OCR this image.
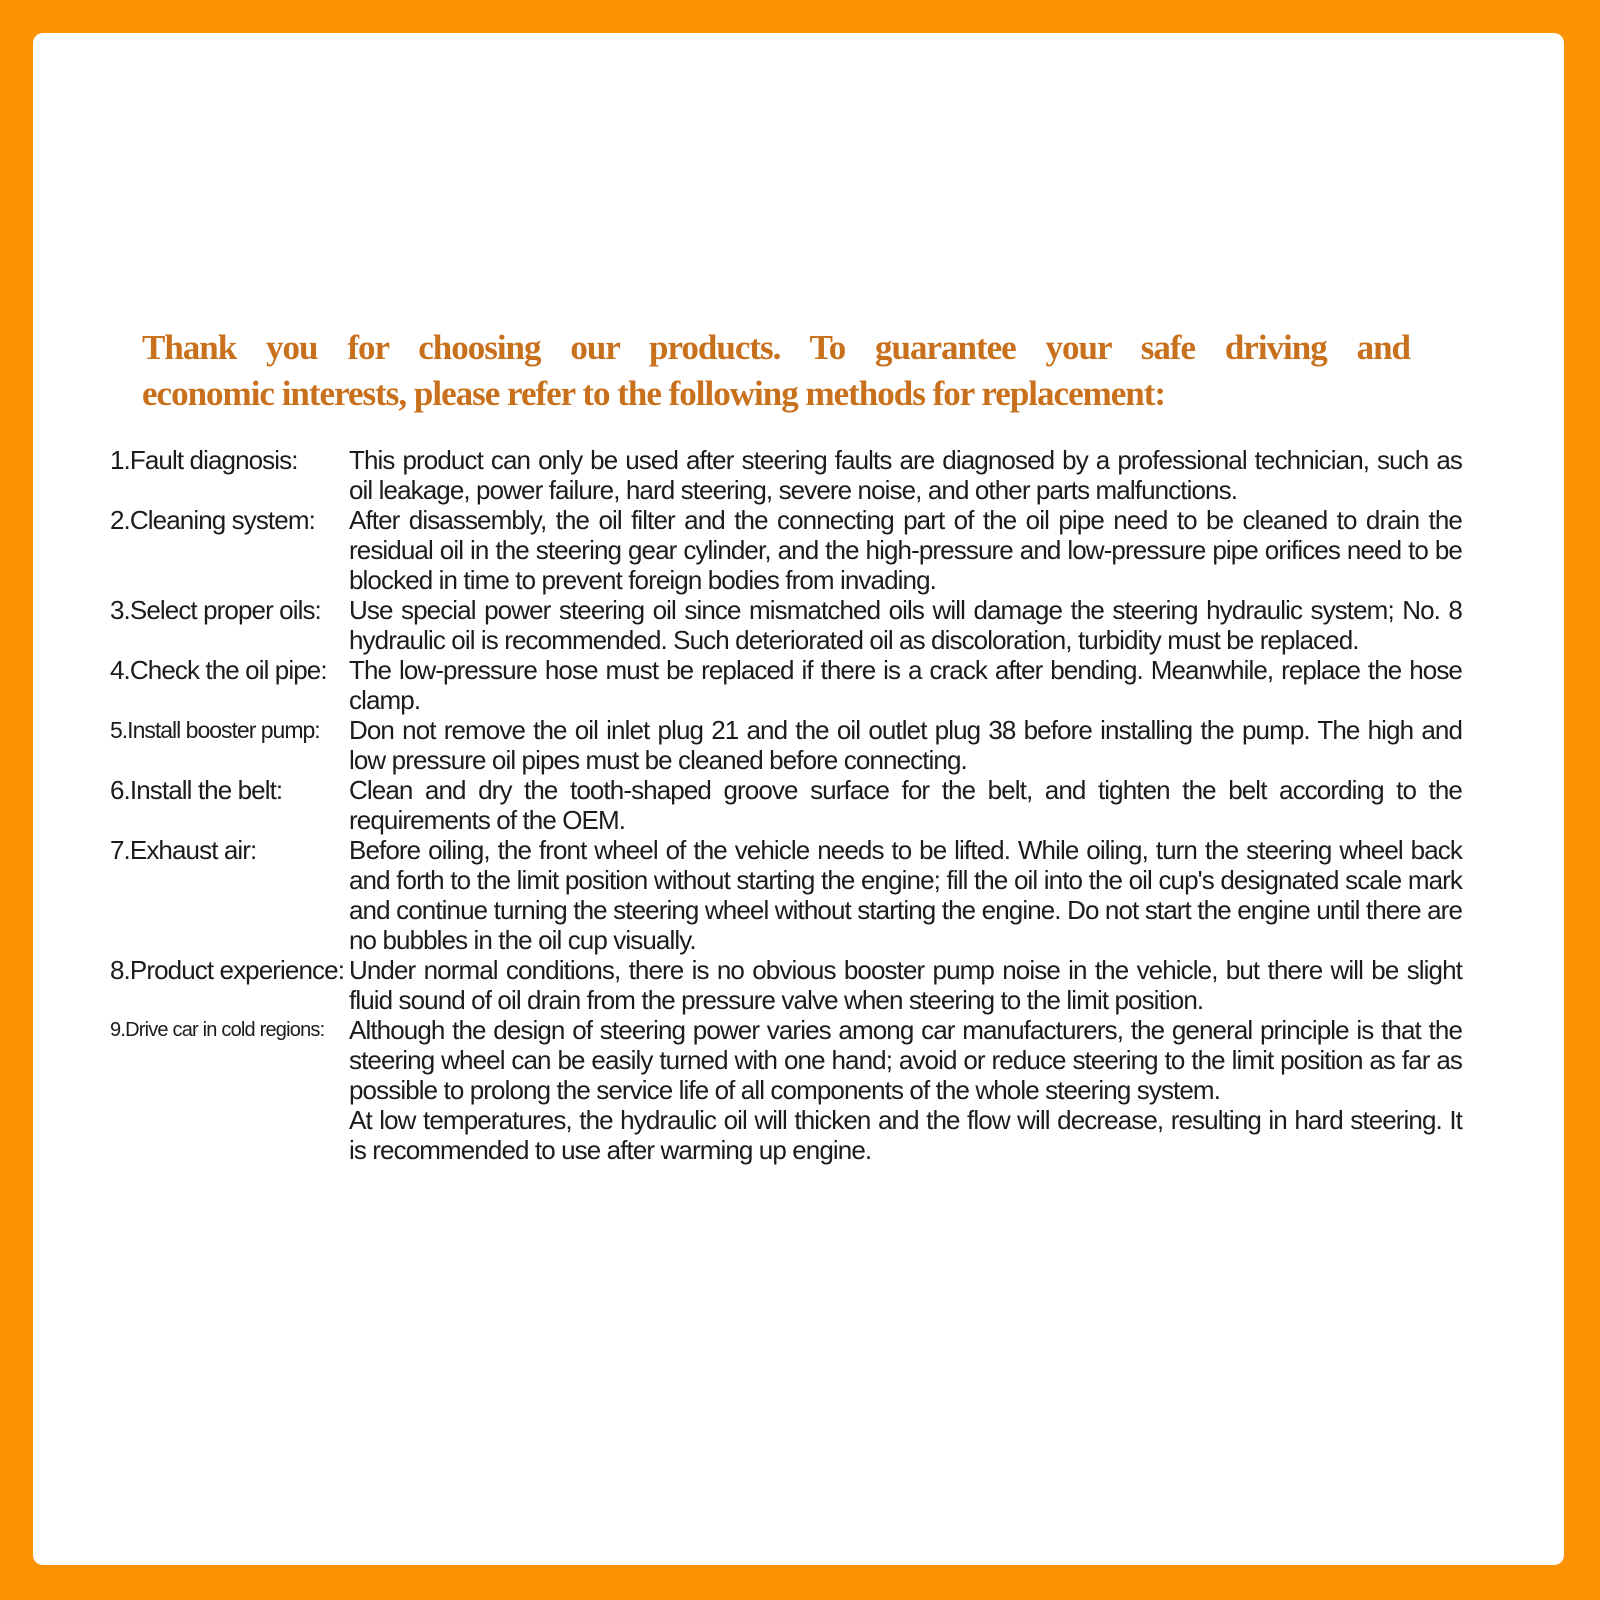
Thank you for choosing our products. To guarantee your safe driving and
economic interests, please refer to the following methods for replacement:
1.Fault diagnosis:	This product can only be used after steering faults are diagnosed by a professional technician, such as oil leakage, power failure, hard steering, severe noise, and other parts malfunctions.
2.Cleaning system:	After disassembly, the oil filter and the connecting part of the oil pipe need to be cleaned to drain the residual oil in the steering gear cylinder, and the high-pressure and low-pressure pipe orifices need to be blocked in time to prevent foreign bodies from invading.
3.Select proper oils:	Use special power steering oil since mismatched oils will damage the steering hydraulic system; No. 8 hydraulic oil is recommended. Such deteriorated oil as discoloration, turbidity must be replaced.
4.Check the oil pipe: The low-pressure hose must be replaced if there is a crack after bending. Meanwhile, replace the hose clamp.
5.Install booster pump:	Don not remove the oil inlet plug 21 and the oil outlet plug 38 before installing the pump. The high and low pressure oil pipes must be cleaned before connecting.
6.Install the belt:	Clean and dry the tooth-shaped groove surface for the belt, and tighten the belt according to the requirements of the OEM.
7.Exhaust air:	Before oiling, the front wheel of the vehicle needs to be lifted. While oiling, turn the steering wheel back and forth to the limit position without starting the engine; fill the oil into the oil cup's designated scale mark and continue turning the steering wheel without starting the engine. Do not start the engine until there are no bubbles in the oil cup visually.
8.Product experience: Under normal conditions, there is no obvious booster pump noise in the vehicle, but there will be slight fluid sound of oil drain from the pressure valve when steering to the limit position.
9.Drive car in cold regions: Although the design of steering power varies among car manufacturers, the general principle is that the steering wheel can be easily turned with one hand; avoid or reduce steering to the limit position as far as possible to prolong the service life of all components of the whole steering system.
At low temperatures, the hydraulic oil will thicken and the flow will decrease, resulting in hard steering. It is recommended to use after warming up engine.
